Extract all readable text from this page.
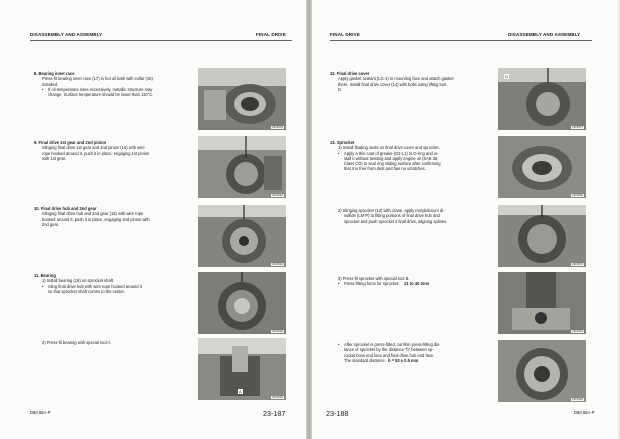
DISASSEMBLY AND ASSEMBLY	FINAL DRIVE
8. Bearing inner race
Press-fit bearing inner race (17) in hot oil bath with collar (18)
installed.
• If oil temperature rises excessively, metallic structure may
change. Surface temperature should be lower than 110°C.
23F0633
9. Final drive 1st gear and 2nd pinion
Slinging final drive 1st gear and 2nd pinion (16) with wire
rope hooked around it, push it in place, engaging 1st pinion
with 1st gear.
23F0616
10. Final drive hub and 2nd gear
Slinging final drive hub and 2nd gear (15) with wire rope
hooked around it, push it in place, engaging 2nd pinion with
2nd gear.
23F0588
11. Bearing
1) Install bearing (19) on sprocket shaft.
• Sling final drive hub with wire rope hooked around it
so that sprocket shaft comes to the center.
23F0686
2) Press-fit bearing with special tool A.
A
23F0686
D60,65A-P	23-187
FINAL DRIVE	DISASSEMBLY AND ASSEMBLY
12. Final drive cover
Apply gasket sealant (LG-1) to mounting face and attach gasket
there. Install final drive cover (14) with bolts using lifting tool
D.
D
23F0577
13. Sprocket
1) Install floating seals on final drive cover and sprocket.
• Apply a thin coat of grease (G2-L1) to O-ring and in-
stall it without twisting and apply engine oil (SAE 30,
Class CD) to seal ring sliding surface after confirming
that it is free from dust and has no scratches.
23F0566
2) Slinging sprocket (13) with crane, apply molybdenum di-
sulfide (LM-P) to fitting portions of final drive hub and
sprocket and push sprocket it final drive, aligning splines.
23F0576
3) Press-fit sprocket with special tool B.
• Press-fitting force for sprocket: 21 to 40 tons
23F0581
• After sprocket is press-fitted, confirm press-fitting dis-
tance of sprocket by the distance "h" between sp-
rocket boss end face and final drive hub end face.
The standard distance: h = 53 ± 0.5 mm
23F0582
23-188	D60,65A-P
